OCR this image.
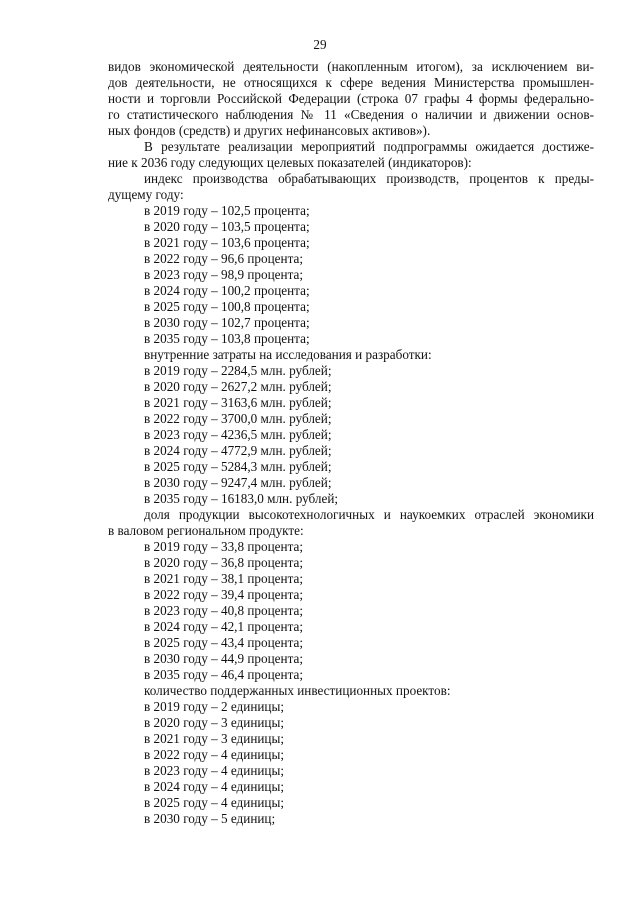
29

видов экономической деятельности (накопленным итогом), за исключением ви-

дов деятельности, не относящихся к сфере ведения Министерства промышлен-

ности и торговли Российской Федерации (строка 07 графы 4 формы федерально-

го статистического наблюдения № 11 «Сведения о наличии и движении основ-

ных фондов (средств) и других нефинансовых активов»).

В результате реализации мероприятий подпрограммы ожидается достиже-

ние к 2036 году следующих целевых показателей (индикаторов):

индекс производства обрабатывающих производств, процентов к преды-

дущему году:

в 2019 году – 102,5 процента;

в 2020 году – 103,5 процента;

в 2021 году – 103,6 процента;

в 2022 году – 96,6 процента;

в 2023 году – 98,9 процента;

в 2024 году – 100,2 процента;

в 2025 году – 100,8 процента;

в 2030 году – 102,7 процента;

в 2035 году – 103,8 процента;

внутренние затраты на исследования и разработки:

в 2019 году – 2284,5 млн. рублей;

в 2020 году – 2627,2 млн. рублей;

в 2021 году – 3163,6 млн. рублей;

в 2022 году – 3700,0 млн. рублей;

в 2023 году – 4236,5 млн. рублей;

в 2024 году – 4772,9 млн. рублей;

в 2025 году – 5284,3 млн. рублей;

в 2030 году – 9247,4 млн. рублей;

в 2035 году – 16183,0 млн. рублей;

доля продукции высокотехнологичных и наукоемких отраслей экономики

в валовом региональном продукте:

в 2019 году – 33,8 процента;

в 2020 году – 36,8 процента;

в 2021 году – 38,1 процента;

в 2022 году – 39,4 процента;

в 2023 году – 40,8 процента;

в 2024 году – 42,1 процента;

в 2025 году – 43,4 процента;

в 2030 году – 44,9 процента;

в 2035 году – 46,4 процента;

количество поддержанных инвестиционных проектов:

в 2019 году – 2 единицы;

в 2020 году – 3 единицы;

в 2021 году – 3 единицы;

в 2022 году – 4 единицы;

в 2023 году – 4 единицы;

в 2024 году – 4 единицы;

в 2025 году – 4 единицы;

в 2030 году – 5 единиц;
